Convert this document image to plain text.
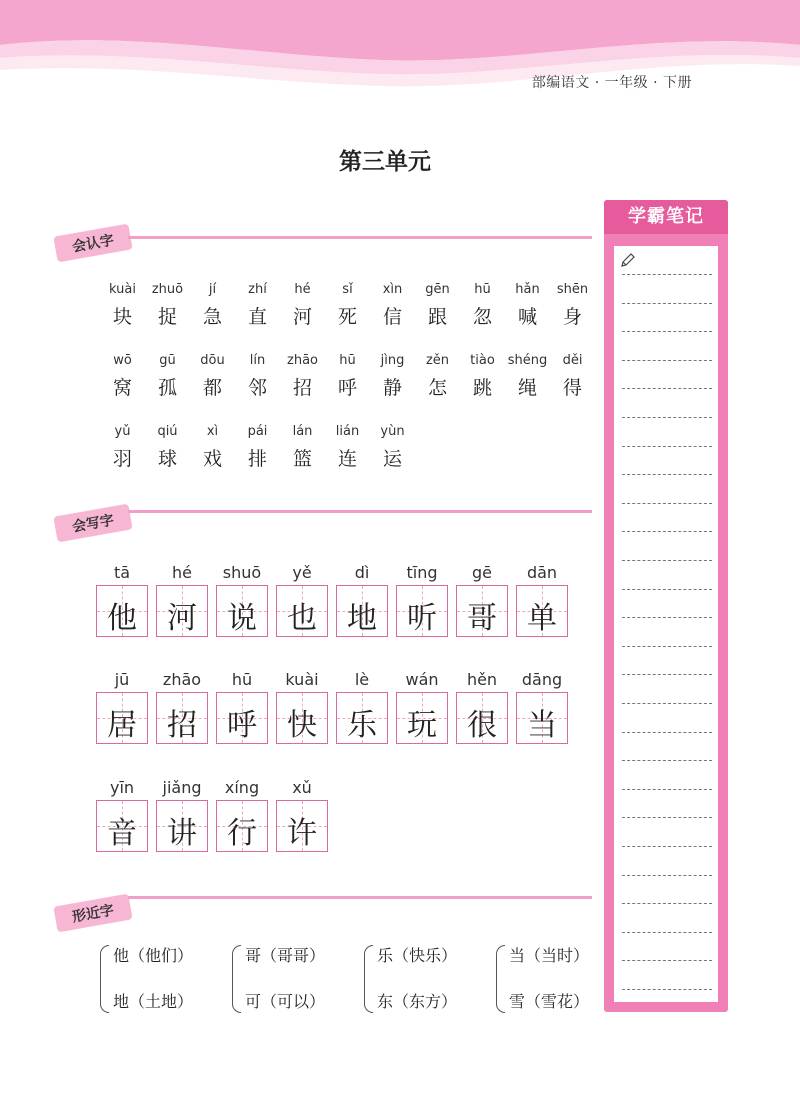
部编语文 · 一年级 · 下册
第三单元
会认字
kuài
块
zhuō
捉
jí
急
zhí
直
hé
河
sǐ
死
xìn
信
gēn
跟
hū
忽
hǎn
喊
shēn
身
wō
窝
gū
孤
dōu
都
lín
邻
zhāo
招
hū
呼
jìng
静
zěn
怎
tiào
跳
shéng
绳
děi
得
yǔ
羽
qiú
球
xì
戏
pái
排
lán
篮
lián
连
yùn
运
会写字
tā
他
hé
河
shuō
说
yě
也
dì
地
tīng
听
gē
哥
dān
单
jū
居
zhāo
招
hū
呼
kuài
快
lè
乐
wán
玩
hěn
很
dāng
当
yīn
音
jiǎng
讲
xíng
行
xǔ
许
形近字
他（他们）
地（土地）
哥（哥哥）
可（可以）
乐（快乐）
东（东方）
当（当时）
雪（雪花）
学霸笔记
